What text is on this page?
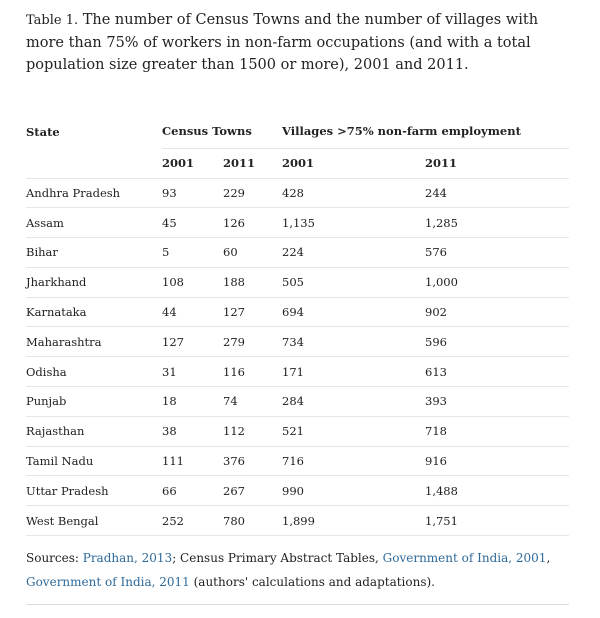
Table 1. The number of Census Towns and the number of villages with more than 75% of workers in non-farm occupations (and with a total population size greater than 1500 or more), 2001 and 2011.
State	Census Towns		Villages >75% non-farm employment	
	2001	2011	2001	2011
Andhra Pradesh	93	229	428	244
Assam	45	126	1,135	1,285
Bihar	5	60	224	576
Jharkhand	108	188	505	1,000
Karnataka	44	127	694	902
Maharashtra	127	279	734	596
Odisha	31	116	171	613
Punjab	18	74	284	393
Rajasthan	38	112	521	718
Tamil Nadu	111	376	716	916
Uttar Pradesh	66	267	990	1,488
West Bengal	252	780	1,899	1,751
Sources: Pradhan, 2013; Census Primary Abstract Tables, Government of India, 2001, Government of India, 2011 (authors' calculations and adaptations).
